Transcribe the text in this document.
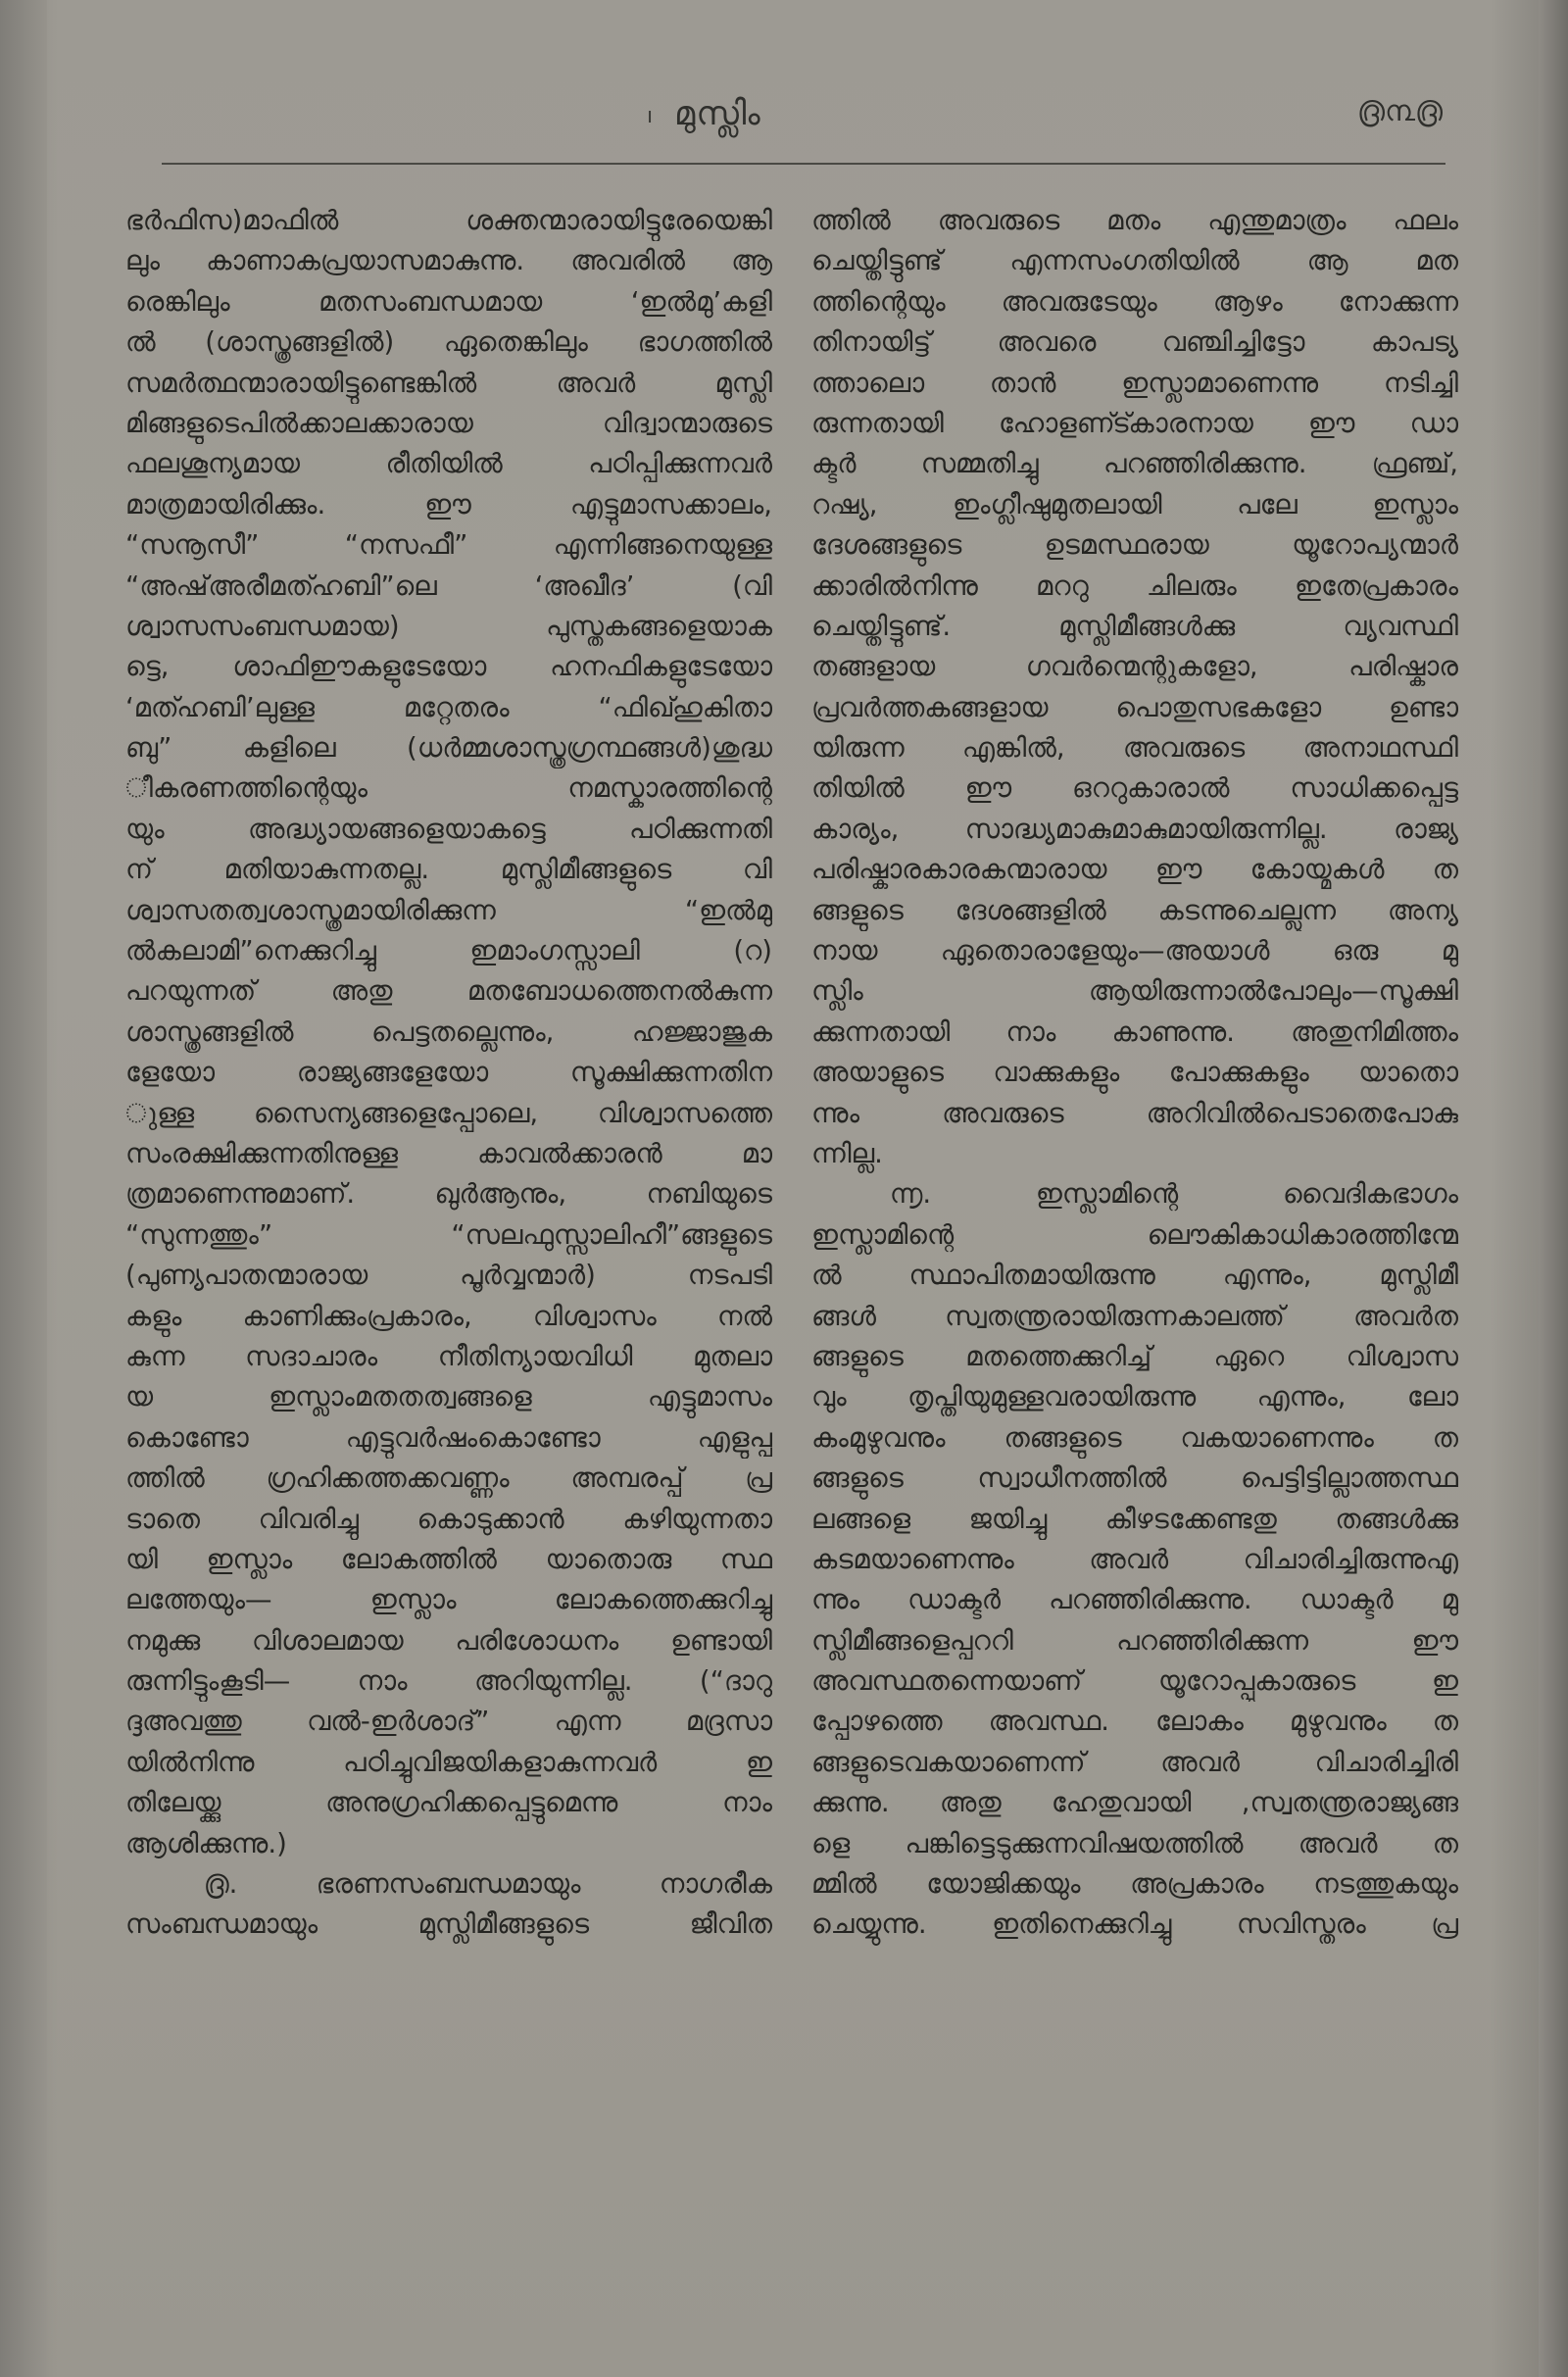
ı മുസ്ലിം	൫൩൫
ഭർഫിസ)മാഫിൽ ശക്തന്മാരായിട്ടുരേയെങ്കി
ലും കാണാകപ്രയാസമാകുന്നു. അവരിൽ ആ
രെങ്കിലും മതസംബന്ധമായ ‘ഇൽമു’കളി
ൽ (ശാസ്ത്രങ്ങളിൽ) ഏതെങ്കിലും ഭാഗത്തിൽ
സമർത്ഥന്മാരായിട്ടുണ്ടെങ്കിൽ അവർ മുസ്ലി
മിങ്ങളുടെപിൽക്കാലക്കാരായ വിദ്വാന്മാരുടെ
ഫലശൂന്യമായ രീതിയിൽ പഠിപ്പിക്കുന്നവർ
മാത്രമായിരിക്കും. ഈ എട്ടുമാസക്കാലം,
“സനൂസീ” “നസഫീ” എന്നിങ്ങനെയുള്ള
“അഷ്അരീമത്ഹബി”ലെ ‘അഖീദ’ (വി
ശ്വാസസംബന്ധമായ) പുസ്തകങ്ങളെയാക
ട്ടെ, ശാഫിഈകളുടേയോ ഹനഫികളുടേയോ
‘മത്ഹബി’ലുള്ള മറ്റേതരം “ഫിഖ്ഹുകിതാ
ബു” കളിലെ (ധർമ്മശാസ്ത്രഗ്രന്ഥങ്ങൾ)ശുദ്ധ
ീകരണത്തിന്റെയും നമസ്കാരത്തിന്റെ
യും അദ്ധ്യായങ്ങളെയാകട്ടെ പഠിക്കുന്നതി
ന് മതിയാകുന്നതല്ല. മുസ്ലിമീങ്ങളുടെ വി
ശ്വാസതത്വശാസ്ത്രമായിരിക്കുന്ന “ഇൽമു
ൽകലാമി”നെക്കുറിച്ചു ഇമാംഗസ്സാലി (റ)
പറയുന്നത് അതു മതബോധത്തെനൽകുന്ന
ശാസ്ത്രങ്ങളിൽ പെട്ടതല്ലെന്നും, ഹജ്ജാജുക
ളേയോ രാജ്യങ്ങളേയോ സൂക്ഷിക്കുന്നതിന
ുള്ള സൈന്യങ്ങളെപ്പോലെ, വിശ്വാസത്തെ
സംരക്ഷിക്കുന്നതിനുള്ള കാവൽക്കാരൻ മാ
ത്രമാണെന്നുമാണ്. ഖുർആനും, നബിയുടെ
“സുന്നത്തും” “സലഫുസ്സാലിഹീ”ങ്ങളുടെ
(പുണ്യപാതന്മാരായ പൂർവ്വന്മാർ) നടപടി
കളും കാണിക്കുംപ്രകാരം, വിശ്വാസം നൽ
കുന്ന സദാചാരം നീതിന്യായവിധി മുതലാ
യ ഇസ്ലാംമതതത്വങ്ങളെ എട്ടുമാസം
കൊണ്ടോ എട്ടുവർഷംകൊണ്ടോ എളുപ്പ
ത്തിൽ ഗ്രഹിക്കത്തക്കവണ്ണം അമ്പരപ്പ് പ്ര
ടാതെ വിവരിച്ചു കൊടുക്കാൻ കഴിയുന്നതാ
യി ഇസ്ലാം ലോകത്തിൽ യാതൊരു സ്ഥ
ലത്തേയും— ഇസ്ലാം ലോകത്തെക്കുറിച്ചു
നമുക്കു വിശാലമായ പരിശോധനം ഉണ്ടായി
രുന്നിട്ടുംകൂടി— നാം അറിയുന്നില്ല. (“ദാറു
ദ്ദഅവത്തു വൽ-ഇർശാദ്” എന്ന മദ്രസാ
യിൽനിന്നു പഠിച്ചുവിജയികളാകുന്നവർ ഇ
തിലേയ്ക്കു അനുഗ്രഹിക്കപ്പെട്ടുമെന്നു നാം
ആശിക്കുന്നു.)
൫. ഭരണസംബന്ധമായും നാഗരീക
സംബന്ധമായും മുസ്ലിമീങ്ങളുടെ ജീവിത
ത്തിൽ അവരുടെ മതം എന്തുമാത്രം ഫലം
ചെയ്തിട്ടുണ്ട് എന്നസംഗതിയിൽ ആ മത
ത്തിന്റെയും അവരുടേയും ആഴം നോക്കുന്ന
തിനായിട്ട് അവരെ വഞ്ചിച്ചിട്ടോ കാപട്യ
ത്താലൊ താൻ ഇസ്ലാമാണെന്നു നടിച്ചി
രുന്നതായി ഹോളണ്ട്കാരനായ ഈ ഡാ
ക്ടർ സമ്മതിച്ചു പറഞ്ഞിരിക്കുന്നു. ഫ്രഞ്ച്,
റഷ്യ, ഇംഗ്ലീഷുമുതലായി പലേ ഇസ്ലാം
ദേശങ്ങളുടെ ഉടമസ്ഥരായ യൂറോപ്യന്മാർ
ക്കാരിൽനിന്നു മററു ചിലരും ഇതേപ്രകാരം
ചെയ്തിട്ടുണ്ട്. മുസ്ലിമീങ്ങൾക്കു വ്യവസ്ഥി
തങ്ങളായ ഗവർന്മെന്റുകളോ, പരിഷ്കാര
പ്രവർത്തകങ്ങളായ പൊതുസഭകളോ ഉണ്ടാ
യിരുന്ന എങ്കിൽ, അവരുടെ അനാഥസ്ഥി
തിയിൽ ഈ ഒററുകാരാൽ സാധിക്കപ്പെട്ട
കാര്യം, സാദ്ധ്യമാകുമാകുമായിരുന്നില്ല. രാജ്യ
പരിഷ്കാരകാരകന്മാരായ ഈ കോയ്മകൾ ത
ങ്ങളുടെ ദേശങ്ങളിൽ കടന്നുചെല്ലുന്ന അന്യ
നായ ഏതൊരാളേയും—അയാൾ ഒരു മു
സ്ലിം ആയിരുന്നാൽപോലും—സൂക്ഷി
ക്കുന്നതായി നാം കാണുന്നു. അതുനിമിത്തം
അയാളുടെ വാക്കുകളും പോക്കുകളും യാതൊ
ന്നും അവരുടെ അറിവിൽപെടാതെപോകു
ന്നില്ല.
൬. ഇസ്ലാമിന്റെ വൈദികഭാഗം
ഇസ്ലാമിന്റെ ലൌകികാധികാരത്തിന്മേ
ൽ സ്ഥാപിതമായിരുന്നു എന്നും, മുസ്ലിമീ
ങ്ങൾ സ്വതന്ത്രരായിരുന്നകാലത്ത് അവർത
ങ്ങളുടെ മതത്തെക്കുറിച്ച് ഏറെ വിശ്വാസ
വും തൃപ്തിയുമുള്ളവരായിരുന്നു എന്നും, ലോ
കംമുഴുവനും തങ്ങളുടെ വകയാണെന്നും ത
ങ്ങളുടെ സ്വാധീനത്തിൽ പെട്ടിട്ടില്ലാത്തസ്ഥ
ലങ്ങളെ ജയിച്ചു കീഴടക്കേണ്ടതു തങ്ങൾക്കു
കടമയാണെന്നും അവർ വിചാരിച്ചിരുന്നുഎ
ന്നും ഡാക്ടർ പറഞ്ഞിരിക്കുന്നു. ഡാക്ടർ മു
സ്ലിമീങ്ങളെപ്പററി പറഞ്ഞിരിക്കുന്ന ഈ
അവസ്ഥതന്നെയാണ് യൂറോപ്പുകാരുടെ ഇ
പ്പോഴത്തെ അവസ്ഥ. ലോകം മുഴുവനും ത
ങ്ങളുടെവകയാണെന്ന് അവർ വിചാരിച്ചിരി
ക്കുന്നു. അതു ഹേതുവായി ,സ്വതന്ത്രരാജ്യങ്ങ
ളെ പങ്കിട്ടെടുക്കുന്നവിഷയത്തിൽ അവർ ത
മ്മിൽ യോജിക്കയും അപ്രകാരം നടത്തുകയും
ചെയ്യുന്നു. ഇതിനെക്കുറിച്ചു സവിസ്തരം പ്ര
